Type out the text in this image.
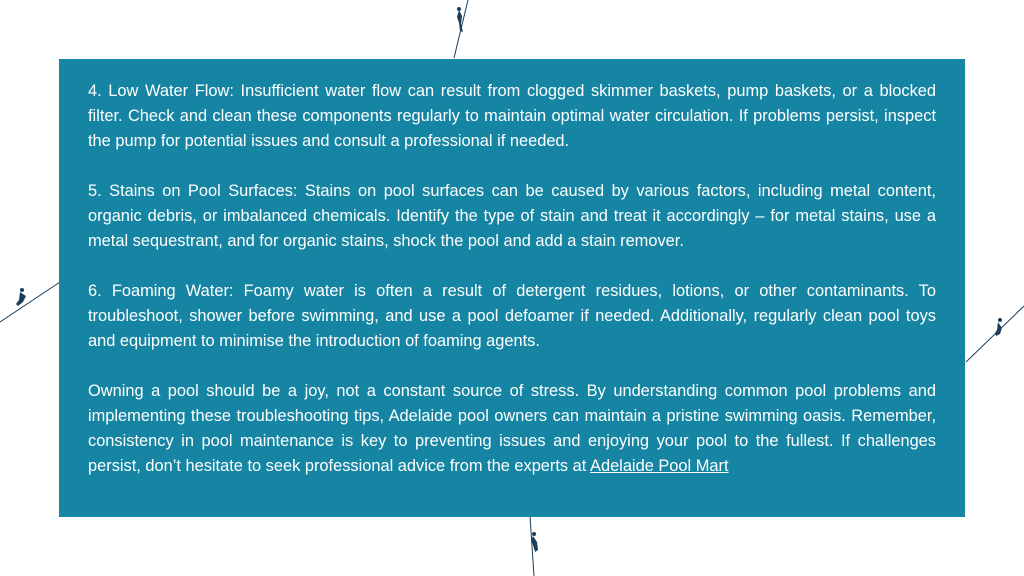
4. Low Water Flow: Insufficient water flow can result from clogged skimmer baskets, pump baskets, or a blocked filter. Check and clean these components regularly to maintain optimal water circulation. If problems persist, inspect the pump for potential issues and consult a professional if needed.

5. Stains on Pool Surfaces: Stains on pool surfaces can be caused by various factors, including metal content, organic debris, or imbalanced chemicals. Identify the type of stain and treat it accordingly – for metal stains, use a metal sequestrant, and for organic stains, shock the pool and add a stain remover.

6. Foaming Water: Foamy water is often a result of detergent residues, lotions, or other contaminants. To troubleshoot, shower before swimming, and use a pool defoamer if needed. Additionally, regularly clean pool toys and equipment to minimise the introduction of foaming agents.

Owning a pool should be a joy, not a constant source of stress. By understanding common pool problems and implementing these troubleshooting tips, Adelaide pool owners can maintain a pristine swimming oasis. Remember, consistency in pool maintenance is key to preventing issues and enjoying your pool to the fullest. If challenges persist, don’t hesitate to seek professional advice from the experts at Adelaide Pool Mart
